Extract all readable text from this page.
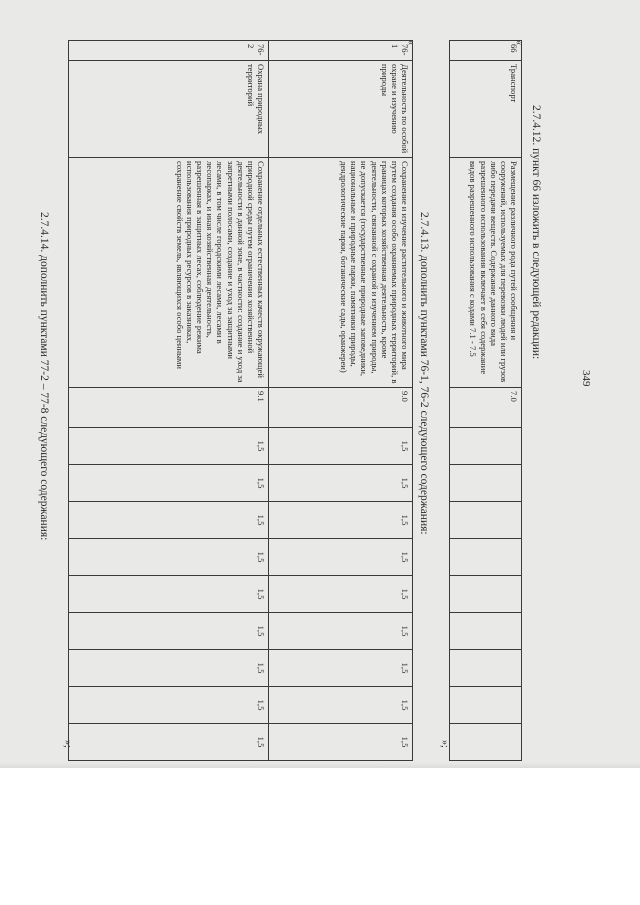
349
2.7.4.12. пункт 66 изложить в следующей редакции:
«
66	Транспорт	Размещение различного рода путей сообщения и сооружений, используемых для перевозки людей или грузов либо передачи веществ. Содержание данного вида разрешенного использования включает в себя содержание видов разрешенного использования с кодами 7.1 - 7.5	7.0									
»;
2.7.4.13. дополнить пунктами 76-1, 76-2 следующего содержания:
«
76-1	Деятельность по особой охране и изучению природы	Сохранение и изучение растительного и животного мира путем создания особо охраняемых природных территорий, в границах которых хозяйственная деятельность, кроме деятельности, связанной с охраной и изучением природы, не допускается (государственные природные заповедники, национальные и природные парки, памятники природы, дендрологические парки, ботанические сады, оранжереи)	9.0	1,5	1,5	1,5	1,5	1,5	1,5	1,5	1,5	1,5
76-2	Охрана природных территорий	Сохранение отдельных естественных качеств окружающей природной среды путем ограничения хозяйственной деятельности в данной зоне, в частности: создание и уход за запретными полосами, создание и уход за защитными лесами, в том числе городскими лесами, лесами в лесопарках, и иная хозяйственная деятельность, разрешенная в защитных лесах, соблюдение режима использования природных ресурсов в заказниках, сохранение свойств земель, являющихся особо ценными	9.1	1,5	1,5	1,5	1,5	1,5	1,5	1,5	1,5	1,5
»;
2.7.4.14. дополнить пунктами 77-2 – 77-8 следующего содержания:
